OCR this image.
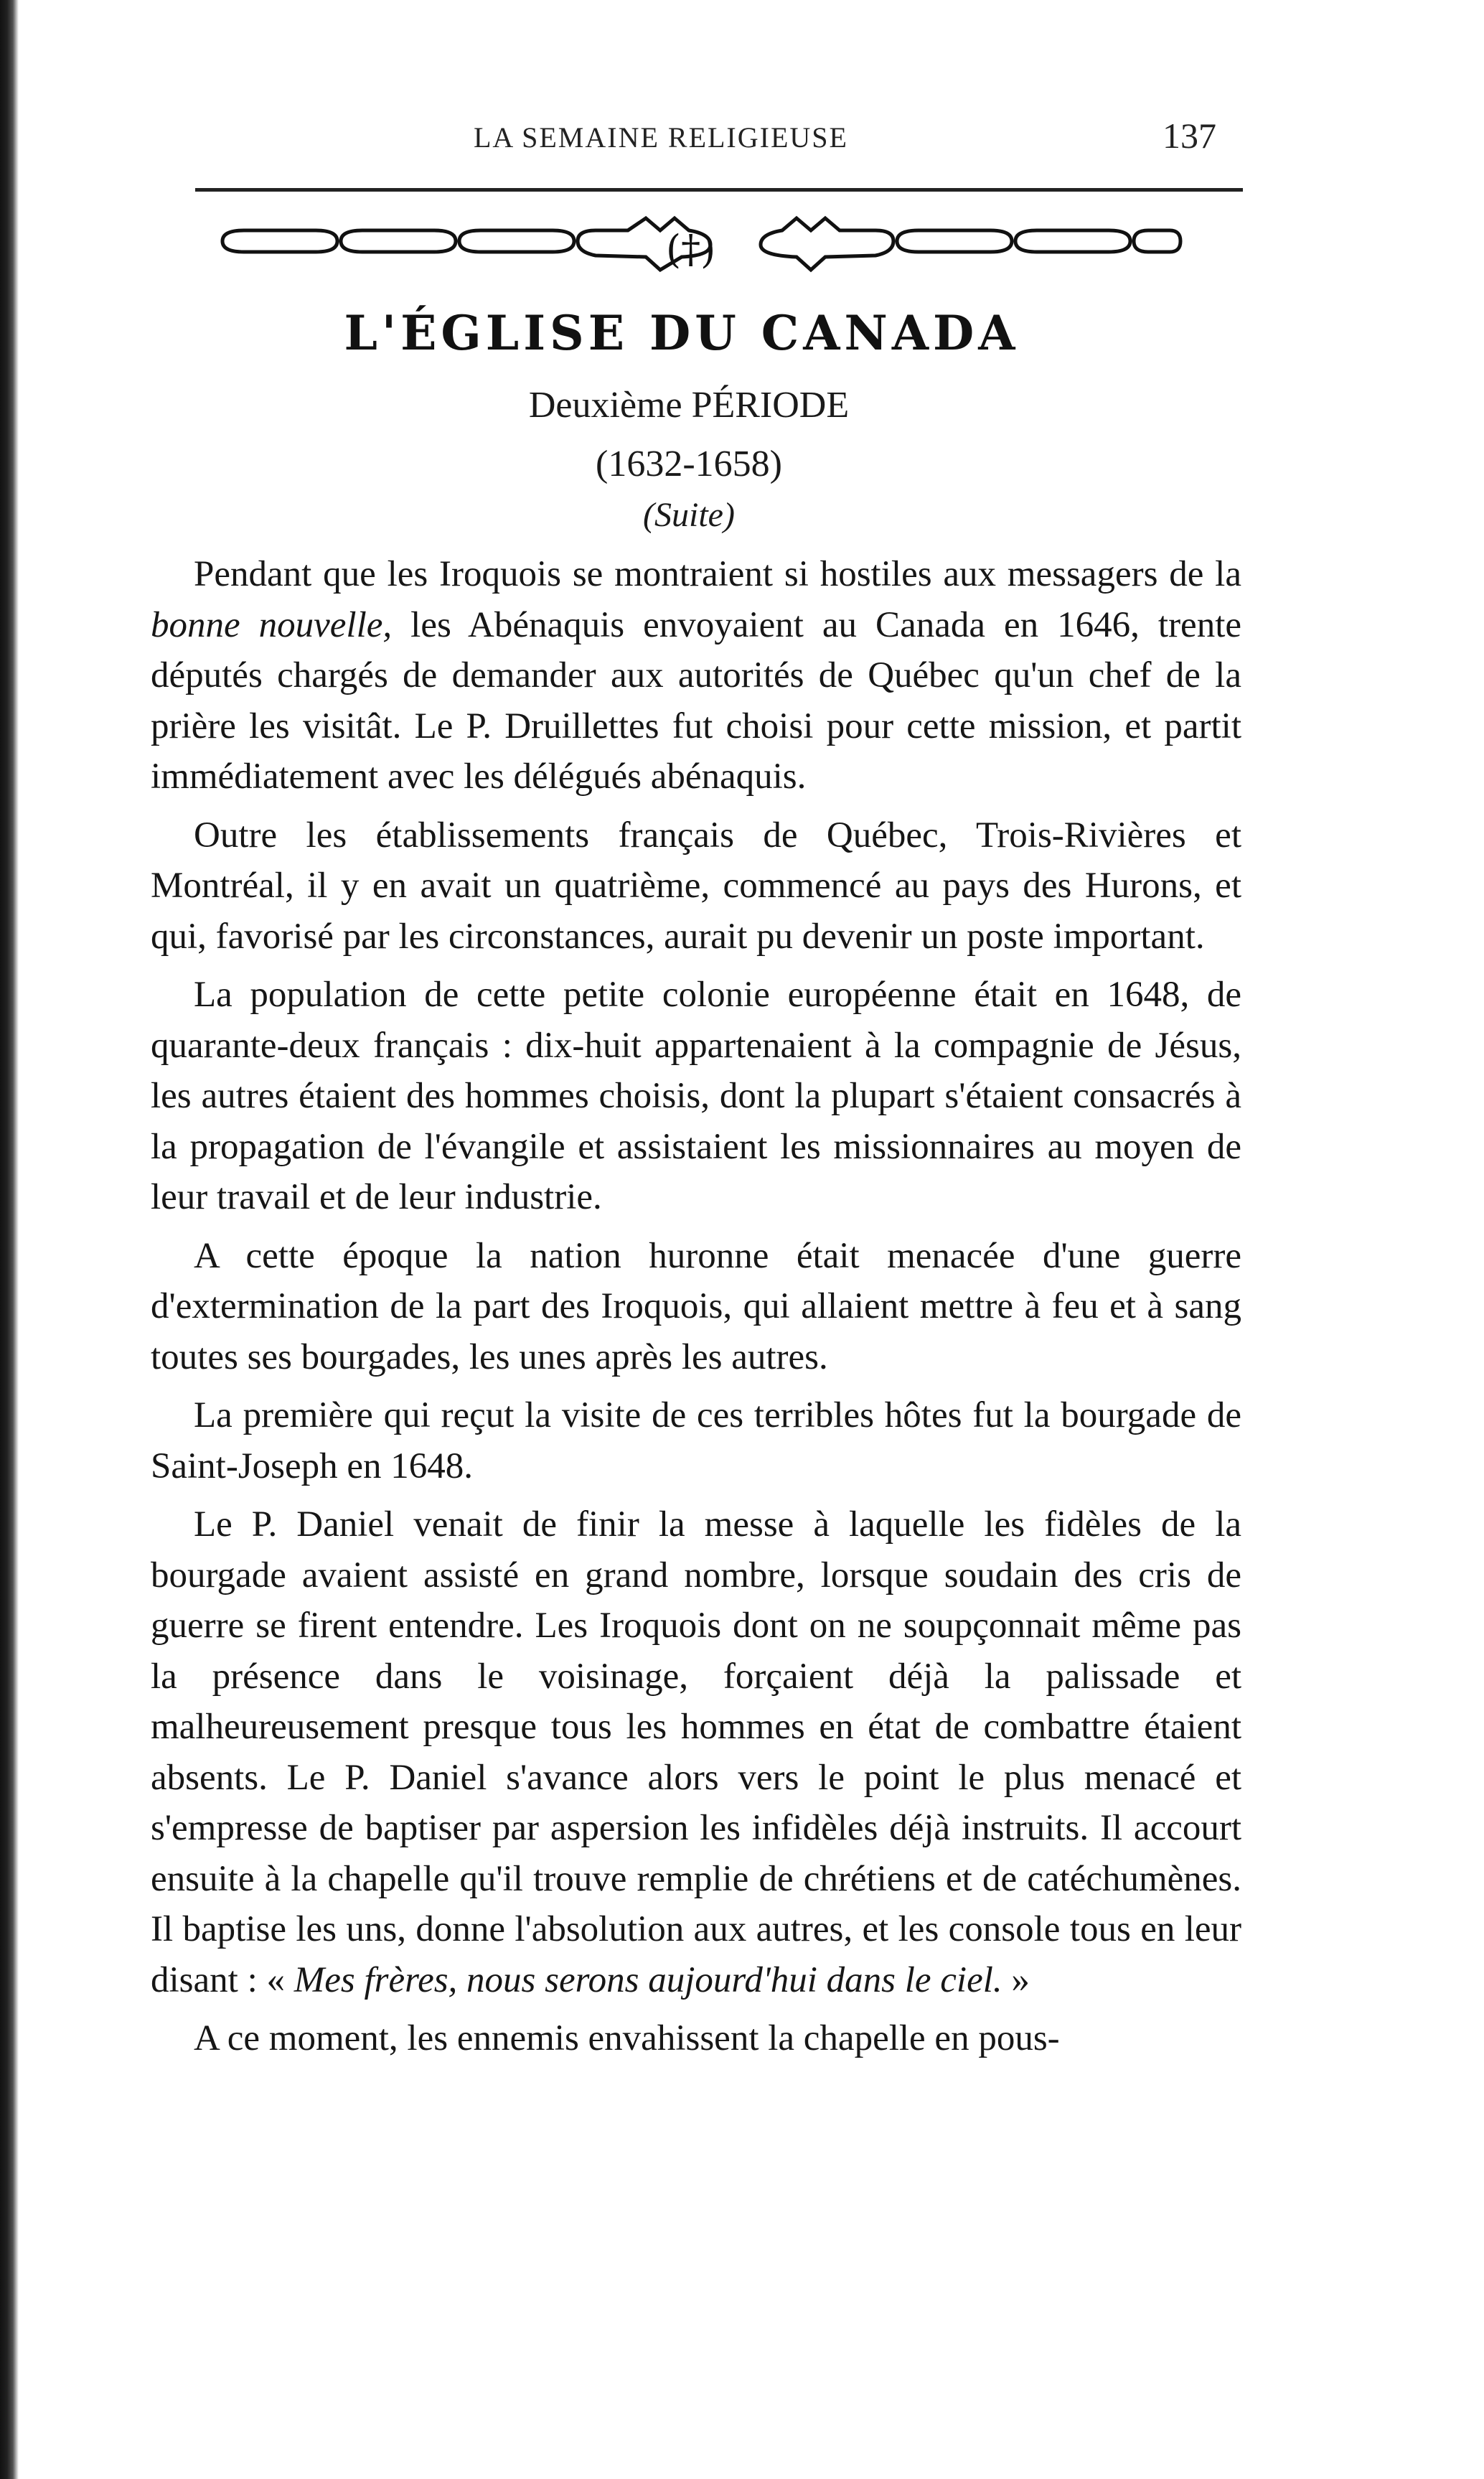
LA SEMAINE RELIGIEUSE	137
(†)
L'ÉGLISE DU CANADA
Deuxième PÉRIODE
(1632-1658)
(Suite)

Pendant que les Iroquois se montraient si hostiles aux messagers de la bonne nouvelle, les Abénaquis envoyaient au Canada en 1646, trente députés chargés de demander aux autorités de Québec qu'un chef de la prière les visitât. Le P. Druillettes fut choisi pour cette mission, et partit immédiatement avec les délégués abénaquis.

Outre les établissements français de Québec, Trois-Rivières et Montréal, il y en avait un quatrième, commencé au pays des Hurons, et qui, favorisé par les circonstances, aurait pu devenir un poste important.

La population de cette petite colonie européenne était en 1648, de quarante-deux français : dix-huit appartenaient à la compagnie de Jésus, les autres étaient des hommes choisis, dont la plupart s'étaient consacrés à la propagation de l'évangile et assistaient les missionnaires au moyen de leur travail et de leur industrie.

A cette époque la nation huronne était menacée d'une guerre d'extermination de la part des Iroquois, qui allaient mettre à feu et à sang toutes ses bourgades, les unes après les autres.

La première qui reçut la visite de ces terribles hôtes fut la bourgade de Saint-Joseph en 1648.

Le P. Daniel venait de finir la messe à laquelle les fidèles de la bourgade avaient assisté en grand nombre, lorsque soudain des cris de guerre se firent entendre. Les Iroquois dont on ne soupçonnait même pas la présence dans le voisinage, forçaient déjà la palissade et malheureusement presque tous les hommes en état de combattre étaient absents. Le P. Daniel s'avance alors vers le point le plus menacé et s'empresse de baptiser par aspersion les infidèles déjà instruits. Il accourt ensuite à la chapelle qu'il trouve remplie de chrétiens et de catéchumènes. Il baptise les uns, donne l'absolution aux autres, et les console tous en leur disant : « Mes frères, nous serons aujourd'hui dans le ciel. »

A ce moment, les ennemis envahissent la chapelle en pous-
